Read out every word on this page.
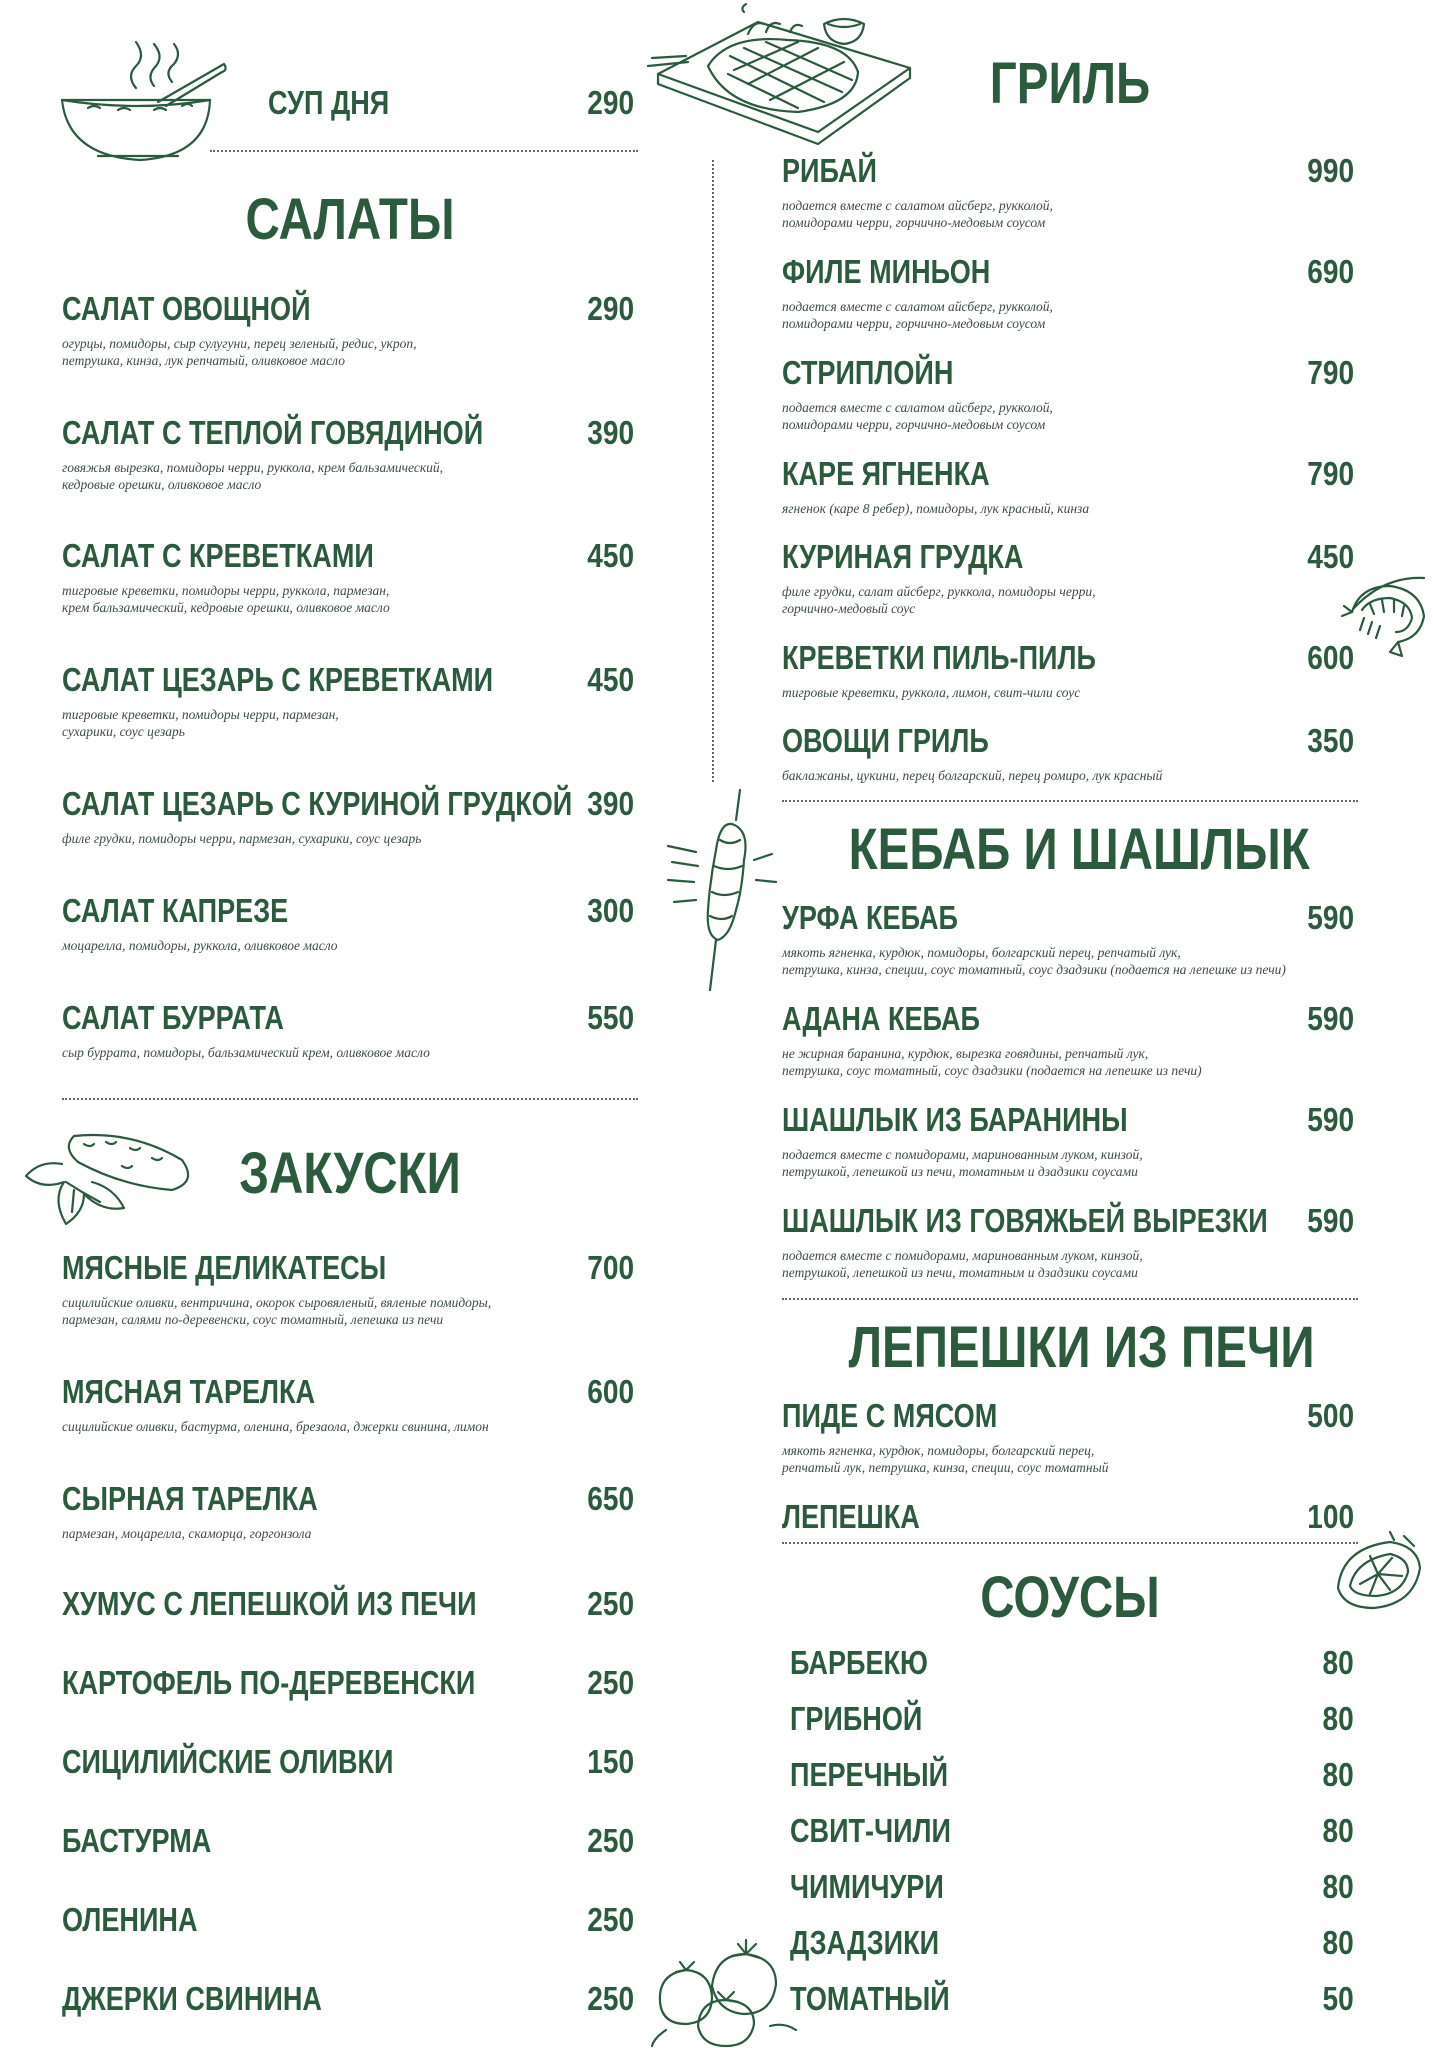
СУП ДНЯ	290
САЛАТЫ
САЛАТ ОВОЩНОЙ	290
огурцы, помидоры, сыр сулугуни, перец зеленый, редис, укроп,
петрушка, кинза, лук репчатый, оливковое масло
САЛАТ С ТЕПЛОЙ ГОВЯДИНОЙ	390
говяжья вырезка, помидоры черри, руккола, крем бальзамический,
кедровые орешки, оливковое масло
САЛАТ С КРЕВЕТКАМИ	450
тигровые креветки, помидоры черри, руккола, пармезан,
крем бальзамический, кедровые орешки, оливковое масло
САЛАТ ЦЕЗАРЬ С КРЕВЕТКАМИ	450
тигровые креветки, помидоры черри, пармезан,
сухарики, соус цезарь
САЛАТ ЦЕЗАРЬ С КУРИНОЙ ГРУДКОЙ 390
филе грудки, помидоры черри, пармезан, сухарики, соус цезарь
САЛАТ КАПРЕЗЕ	300
моцарелла, помидоры, руккола, оливковое масло
САЛАТ БУРРАТА	550
сыр буррата, помидоры, бальзамический крем, оливковое масло
ЗАКУСКИ
МЯСНЫЕ ДЕЛИКАТЕСЫ	700
сицилийские оливки, вентричина, окорок сыровяленый, вяленые помидоры,
пармезан, салями по-деревенски, соус томатный, лепешка из печи
МЯСНАЯ ТАРЕЛКА	600
сицилийские оливки, бастурма, оленина, брезаола, джерки свинина, лимон
СЫРНАЯ ТАРЕЛКА	650
пармезан, моцарелла, скаморца, горгонзола
ХУМУС С ЛЕПЕШКОЙ ИЗ ПЕЧИ	250
КАРТОФЕЛЬ ПО-ДЕРЕВЕНСКИ	250
СИЦИЛИЙСКИЕ ОЛИВКИ	150
БАСТУРМА	250
ОЛЕНИНА	250
ДЖЕРКИ СВИНИНА	250
ГРИЛЬ
РИБАЙ	990
подается вместе с салатом айсберг, рукколой,
помидорами черри, горчично-медовым соусом
ФИЛЕ МИНЬОН	690
подается вместе с салатом айсберг, рукколой,
помидорами черри, горчично-медовым соусом
СТРИПЛОЙН	790
подается вместе с салатом айсберг, рукколой,
помидорами черри, горчично-медовым соусом
КАРЕ ЯГНЕНКА	790
ягненок (каре 8 ребер), помидоры, лук красный, кинза
КУРИНАЯ ГРУДКА	450
филе грудки, салат айсберг, руккола, помидоры черри,
горчично-медовый соус
КРЕВЕТКИ ПИЛЬ-ПИЛЬ	600
тигровые креветки, руккола, лимон, свит-чили соус
ОВОЩИ ГРИЛЬ	350
баклажаны, цукини, перец болгарский, перец ромиро, лук красный
КЕБАБ И ШАШЛЫК
УРФА КЕБАБ	590
мякоть ягненка, курдюк, помидоры, болгарский перец, репчатый лук,
петрушка, кинза, специи, соус томатный, соус дзадзики (подается на лепешке из печи)
АДАНА КЕБАБ	590
не жирная баранина, курдюк, вырезка говядины, репчатый лук,
петрушка, соус томатный, соус дзадзики (подается на лепешке из печи)
ШАШЛЫК ИЗ БАРАНИНЫ	590
подается вместе с помидорами, маринованным луком, кинзой,
петрушкой, лепешкой из печи, томатным и дзадзики соусами
ШАШЛЫК ИЗ ГОВЯЖЬЕЙ ВЫРЕЗКИ 590
подается вместе с помидорами, маринованным луком, кинзой,
петрушкой, лепешкой из печи, томатным и дзадзики соусами
ЛЕПЕШКИ ИЗ ПЕЧИ
ПИДЕ С МЯСОМ	500
мякоть ягненка, курдюк, помидоры, болгарский перец,
репчатый лук, петрушка, кинза, специи, соус томатный
ЛЕПЕШКА	100
СОУСЫ
БАРБЕКЮ	80
ГРИБНОЙ	80
ПЕРЕЧНЫЙ	80
СВИТ-ЧИЛИ	80
ЧИМИЧУРИ	80
ДЗАДЗИКИ	80
ТОМАТНЫЙ	50
